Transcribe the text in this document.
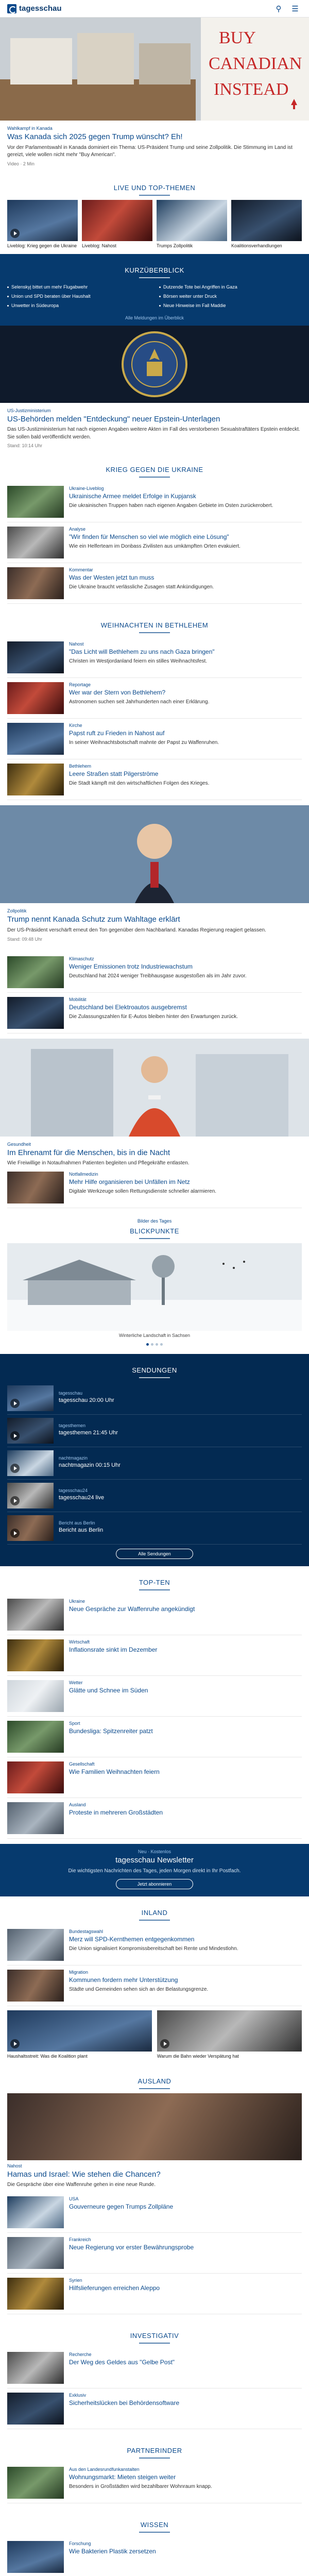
tagesschau	⚲	☰
BUY
CANADIAN
INSTEAD
Wahlkampf in Kanada
Was Kanada sich 2025 gegen Trump wünscht? Eh!

Vor der Parlamentswahl in Kanada dominiert ein Thema: US-Präsident Trump und seine Zollpolitik. Die Stimmung im Land ist gereizt, viele wollen nicht mehr "Buy American".

Video · 2 Min
LIVE UND TOP-THEMEN
Liveblog: Krieg gegen die Ukraine Liveblog: Nahost	Trumps Zollpolitik	Koalitionsverhandlungen
KURZÜBERBLICK
Selenskyj bittet um mehr Flugabwehr	Dutzende Tote bei Angriffen in Gaza
Union und SPD beraten über Haushalt	Börsen weiter unter Druck
Unwetter in Südeuropa	Neue Hinweise im Fall Maddie
Alle Meldungen im Überblick
US-Justizministerium
US-Behörden melden "Entdeckung" neuer Epstein-Unterlagen

Das US-Justizministerium hat nach eigenen Angaben weitere Akten im Fall des verstorbenen Sexualstraftäters Epstein entdeckt. Sie sollen bald veröffentlicht werden.

Stand: 10:14 Uhr
KRIEG GEGEN DIE UKRAINE
Ukraine-Liveblog
Ukrainische Armee meldet Erfolge in Kupjansk
Die ukrainischen Truppen haben nach eigenen Angaben Gebiete im Osten zurückerobert.
Analyse
"Wir finden für Menschen so viel wie möglich eine Lösung"
Wie ein Helferteam im Donbass Zivilisten aus umkämpften Orten evakuiert.
Kommentar
Was der Westen jetzt tun muss
Die Ukraine braucht verlässliche Zusagen statt Ankündigungen.
WEIHNACHTEN IN BETHLEHEM
Nahost
"Das Licht will Bethlehem zu uns nach Gaza bringen"
Christen im Westjordanland feiern ein stilles Weihnachtsfest.
Reportage
Wer war der Stern von Bethlehem?
Astronomen suchen seit Jahrhunderten nach einer Erklärung.
Kirche
Papst ruft zu Frieden in Nahost auf
In seiner Weihnachtsbotschaft mahnte der Papst zu Waffenruhen.
Bethlehem
Leere Straßen statt Pilgerströme
Die Stadt kämpft mit den wirtschaftlichen Folgen des Krieges.
Zollpolitik
Trump nennt Kanada Schutz zum Wahltage erklärt

Der US-Präsident verschärft erneut den Ton gegenüber dem Nachbarland. Kanadas Regierung reagiert gelassen.

Stand: 09:48 Uhr
Klimaschutz
Weniger Emissionen trotz Industriewachstum
Deutschland hat 2024 weniger Treibhausgase ausgestoßen als im Jahr zuvor.
Mobilität
Deutschland bei Elektroautos ausgebremst
Die Zulassungszahlen für E-Autos bleiben hinter den Erwartungen zurück.
Gesundheit
Im Ehrenamt für die Menschen, bis in die Nacht

Wie Freiwillige in Notaufnahmen Patienten begleiten und Pflegekräfte entlasten.

Notfallmedizin
Mehr Hilfe organisieren bei Unfällen im Netz
Digitale Werkzeuge sollen Rettungsdienste schneller alarmieren.
Bilder des Tages
BLICKPUNKTE
Winterliche Landschaft in Sachsen
SENDUNGEN
tagesschau
tagesschau 20:00 Uhr
tagesthemen
tagesthemen 21:45 Uhr
nachtmagazin
nachtmagazin 00:15 Uhr
tagesschau24
tagesschau24 live
Bericht aus Berlin
Bericht aus Berlin
Alle Sendungen
TOP-TEN
Ukraine
Neue Gespräche zur Waffenruhe angekündigt
Wirtschaft
Inflationsrate sinkt im Dezember
Wetter
Glätte und Schnee im Süden
Sport
Bundesliga: Spitzenreiter patzt
Gesellschaft
Wie Familien Weihnachten feiern
Ausland
Proteste in mehreren Großstädten
Neu · Kostenlos
tagesschau Newsletter

Die wichtigsten Nachrichten des Tages, jeden Morgen direkt in Ihr Postfach.

Jetzt abonnieren
INLAND
Bundestagswahl
Merz will SPD-Kernthemen entgegenkommen
Die Union signalisiert Kompromissbereitschaft bei Rente und Mindestlohn.
Migration
Kommunen fordern mehr Unterstützung
Städte und Gemeinden sehen sich an der Belastungsgrenze.
Haushaltsstreit: Was die Koalition plant	Warum die Bahn wieder Verspätung hat
AUSLAND
Nahost
Hamas und Israel: Wie stehen die Chancen?
Die Gespräche über eine Waffenruhe gehen in eine neue Runde.
USA
Gouverneure gegen Trumps Zollpläne
Frankreich
Neue Regierung vor erster Bewährungsprobe
Syrien
Hilfslieferungen erreichen Aleppo
INVESTIGATIV
Recherche
Der Weg des Geldes aus "Gelbe Post"
Exklusiv
Sicherheitslücken bei Behördensoftware
PARTNERINDER
Aus den Landesrundfunkanstalten
Wohnungsmarkt: Mieten steigen weiter
Besonders in Großstädten wird bezahlbarer Wohnraum knapp.
WISSEN
Forschung
Wie Bakterien Plastik zersetzen
